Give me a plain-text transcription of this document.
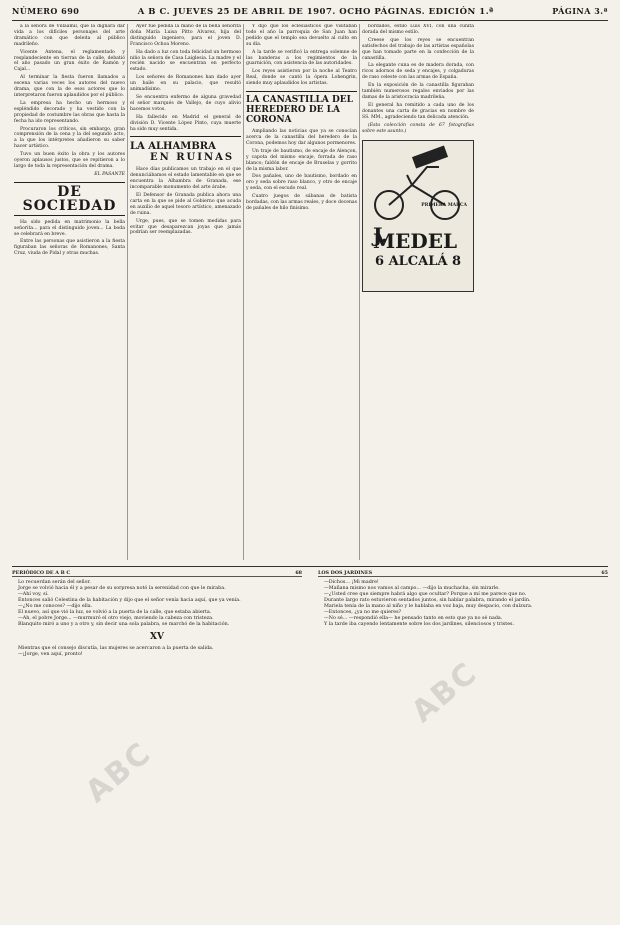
NÚMERO 690	A B C. JUEVES 25 DE ABRIL DE 1907. OCHO PÁGINAS. EDICIÓN 1.ª	PÁGINA 3.ª

a la señora de Villaamil, que la dignará dar vida a los difíciles personajes del arte dramático con que deleita al público madrileño.

Vicente Antena, el reglamentado y resplandeciente en tierras de la calle, debatió el año pasado un gran éxito de Ramón y Cajal...

Al terminar la fiesta fueron llamados a escena varias veces los autores del nuevo drama, que con la de esos actores que lo interpretaron fueron aplaudidos por el público.

La empresa ha hecho un hermoso y espléndido decorado y ha vestido con la propiedad de costumbre las obras que hasta la fecha ha ido representando.

Procuraron los críticos, sin embargo, gran comprensión de la cena y la del segundo acto, a la que los intérpretes añadieron su saber hacer artístico.

Tuvo un buen éxito la obra y los autores oyeron aplausos justos, que se repitieron a lo largo de toda la representación del drama.

EL PASANTE
DE SOCIEDAD

Ha sido pedida en matrimonio la bella señorita... para el distinguido joven... La boda se celebrará en breve.

Entre las personas que asistieron a la fiesta figuraban las señoras de Romanones, Santa Cruz, viuda de Pidal y otras muchas.

Ayer fué pedida la mano de la bella señorita doña María Luisa Pitto Alvarez, hija del distinguido ingeniero, para el joven D. Francisco Ochoa Moreno.

Ha dado a luz con toda felicidad un hermoso niño la señora de Casa Laiglesia. La madre y el recién nacido se encuentran en perfecto estado.

Los señores de Romanones han dado ayer un baile en su palacio, que resultó animadísimo.

Se encuentra enfermo de alguna gravedad el señor marqués de Vallejo, de cuyo alivio hacemos votos.

Ha fallecido en Madrid el general de división D. Vicente López Pinto, cuya muerte ha sido muy sentida.

LA ALHAMBRA
EN RUINAS

Hace días publicamos un trabajo en el que denunciábamos el estado lamentable en que se encuentra la Alhambra de Granada, ese incomparable monumento del arte árabe.

El Defensor de Granada publica ahora una carta en la que se pide al Gobierno que acuda en auxilio de aquel tesoro artístico, amenazado de ruina.

Urge, pues, que se tomen medidas para evitar que desaparezcan joyas que jamás podrían ser reemplazadas.

Y dijo que los eclesiásticos que visitaban todo el año la parroquia de San Juan han pedido que el templo sea devuelto al culto en su día.

A la tarde se verificó la entrega solemne de las banderas a los regimientos de la guarnición, con asistencia de las autoridades.

Los reyes asistieron por la noche al Teatro Real, donde se cantó la ópera Lohengrin, siendo muy aplaudidos los artistas.

LA CANASTILLA DEL HEREDERO DE LA CORONA

Ampliando las noticias que ya se conocían acerca de la canastilla del heredero de la Corona, podemos hoy dar algunos pormenores.

Un traje de bautismo, de encaje de Alençon, y capota del mismo encaje, forrada de raso blanco; faldón de encaje de Bruselas y gorrito de la misma labor.

Dos pañales, uno de bautismo, bordado en oro y seda sobre raso blanco, y otro de encaje y seda, con el escudo real.

Cuatro juegos de sábanas de batista bordadas, con las armas reales, y doce docenas de pañales de hilo finísimo.

bordados, estilo Luis XVI, con una cunita dorada del mismo estilo.

Creese que los reyes se encuentran satisfechos del trabajo de las artistas españolas que han tomado parte en la confección de la canastilla.

La elegante cuna es de madera dorada, con ricos adornos de seda y encajes, y colgaduras de raso celeste con las armas de España.

En la exposición de la canastilla figuraban también numerosos regalos enviados por las damas de la aristocracia madrileña.

El general ha remitido a cada uno de los donantes una carta de gracias en nombre de SS. MM., agradeciendo tan delicada atención.

(Esta colección consta de 67 fotografías sobre este asunto.)

PRIMERA MARCA
J. MEDEL
6 ALCALÁ 8
PERIÓDICO DE A B C	68

Lo recuerdan serán del señor.

Jorge se volvió hacia él y a pesar de su sorpresa notó la serenidad con que le miraba.

—Ahí voy, sí.

Entonces salió Celestina de la habitación y dijo que el señor venía hacia aquí, que ya venía.

—¿No me conoces? —dijo ella.

El nuevo, así que vió la luz, se volvió a la puerta de la calle, que estaba abierta.

—Ah, el pobre Jorge... —murmuró el otro viejo, moviendo la cabeza con tristeza.

Blanquito miró a uno y a otro y, sin decir una sola palabra, se marchó de la habitación.

XV

Mientras que el consejo discutía, las mujeres se acercaron a la puerta de salida.

—¡Jorge, ven aquí, pronto!

ABC
LOS DOS JARDINES	65

—Dichos... ¡Mi madre!

—Mañana mismo nos vamos al campo... —dijo la muchacha, sin mirarle.

—¿Usted cree que siempre habrá algo que ocultar? Porque a mí me parece que no.

Durante largo rato estuvieron sentados juntos, sin hablar palabra, mirando el jardín.

Mariela tenía de la mano al niño y le hablaba en voz baja, muy despacio, con dulzura.

—Entonces, ¿ya no me quieres?

—No sé... —respondió ella— he pensado tanto en esto que ya no sé nada.

Y la tarde iba cayendo lentamente sobre los dos jardines, silenciosos y tristes.

ABC
